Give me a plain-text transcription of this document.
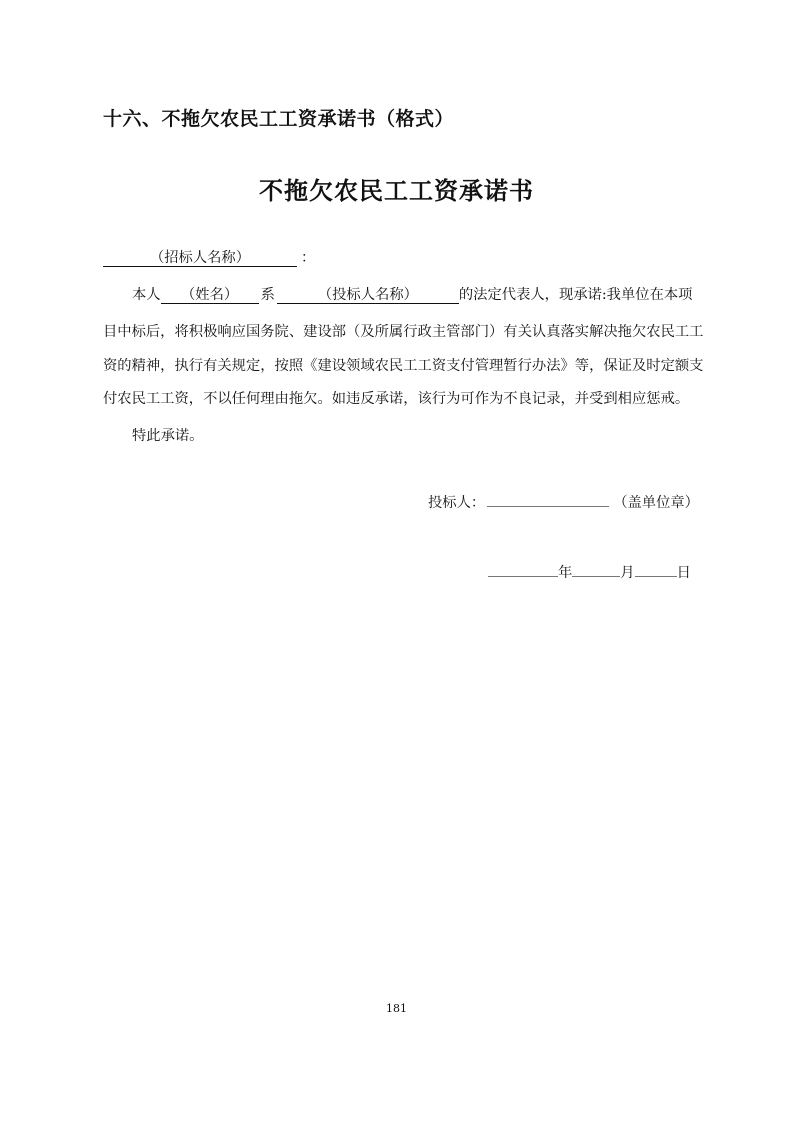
十六、不拖欠农民工工资承诺书（格式）
不拖欠农民工工资承诺书
（招标人名称）	：
本人 （姓名） 系	（投标人名称）	的法定代表人，现承诺:我单位在本项
目中标后，将积极响应国务院、建设部（及所属行政主管部门）有关认真落实解决拖欠农民工工
资的精神，执行有关规定，按照《建设领域农民工工资支付管理暂行办法》等，保证及时定额支
付农民工工资，不以任何理由拖欠。如违反承诺，该行为可作为不良记录，并受到相应惩戒。
特此承诺。
投标人：	（盖单位章）
年	月	日
181
